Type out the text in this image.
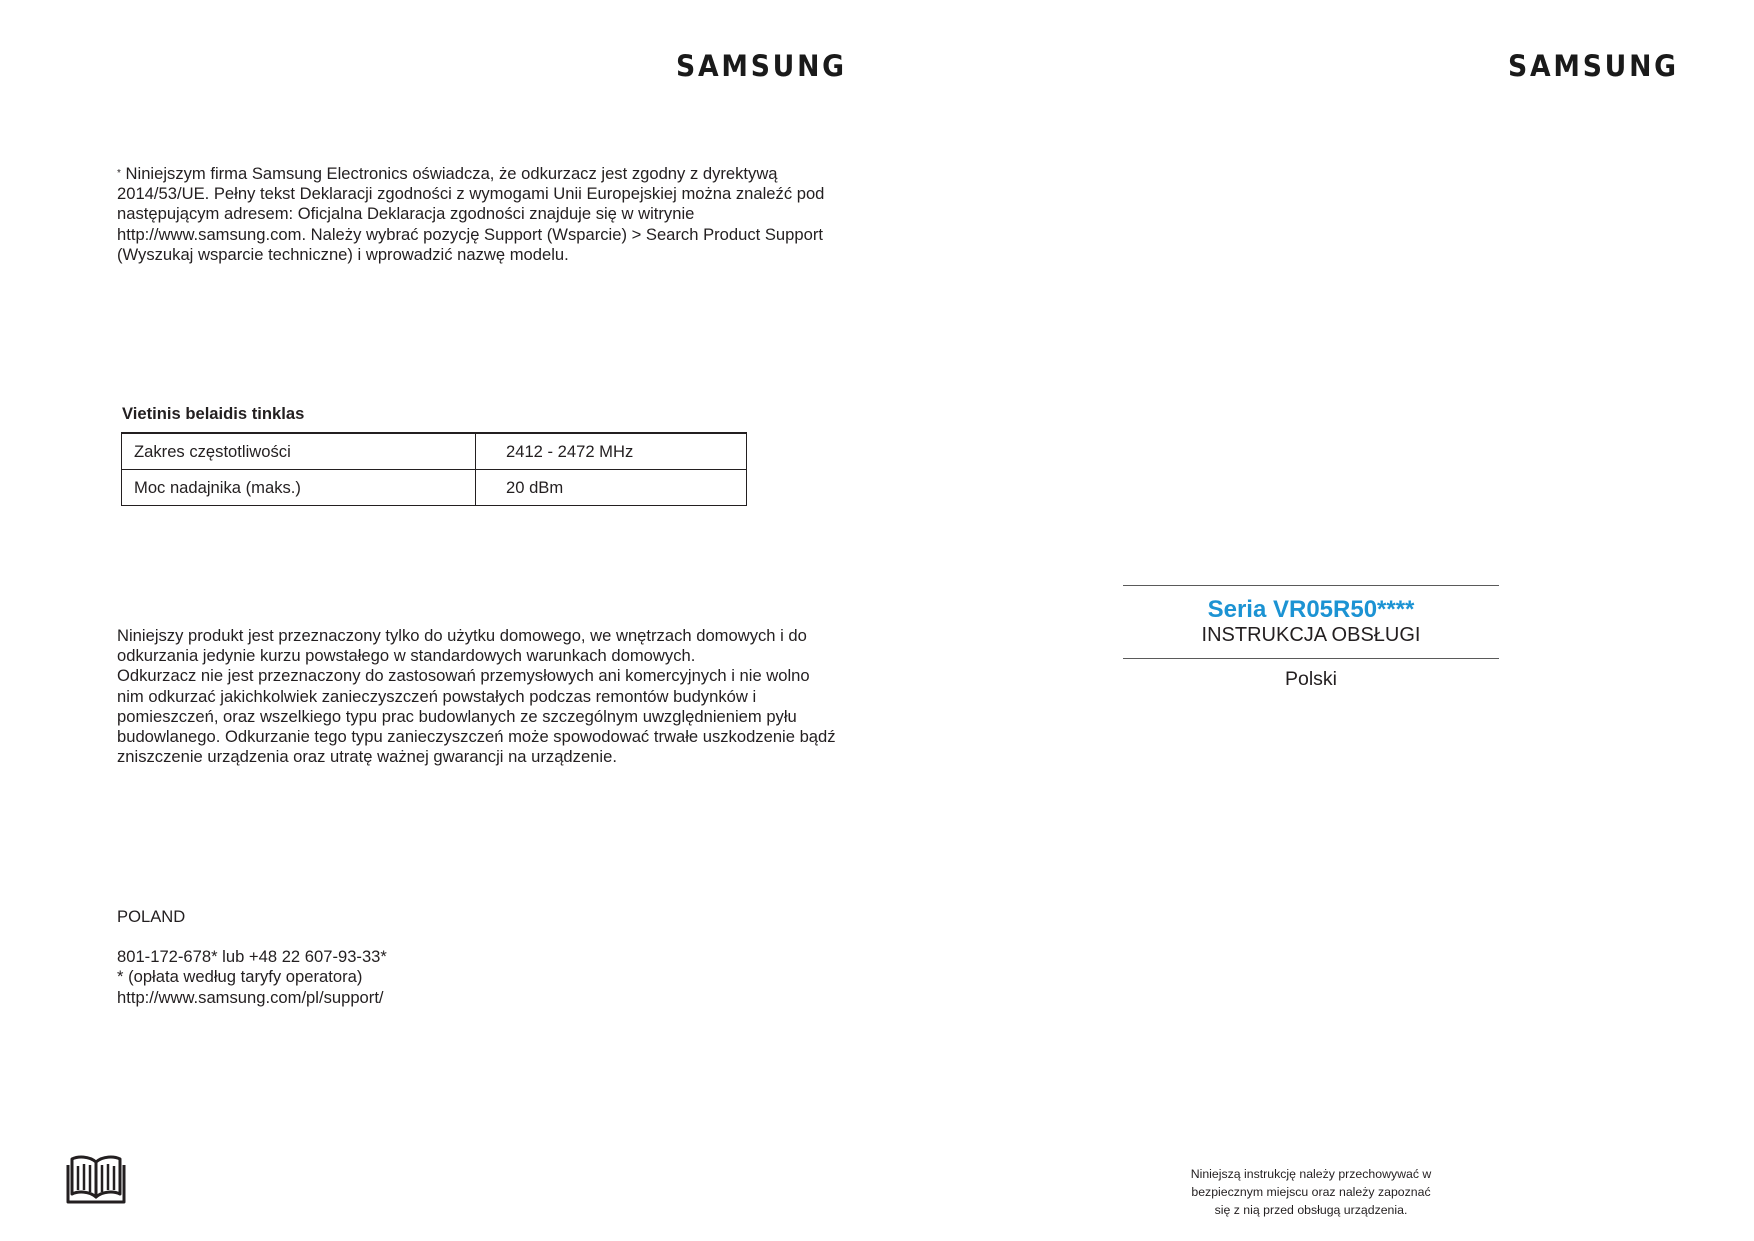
SAMSUNG	SAMSUNG

* Niniejszym firma Samsung Electronics oświadcza, że odkurzacz jest zgodny z dyrektywą 2014/53/UE. Pełny tekst Deklaracji zgodności z wymogami Unii Europejskiej można znaleźć pod następującym adresem: Oficjalna Deklaracja zgodności znajduje się w witrynie http://www.samsung.com. Należy wybrać pozycję Support (Wsparcie) > Search Product Support (Wyszukaj wsparcie techniczne) i wprowadzić nazwę modelu.

Vietinis belaidis tinklas

Zakres częstotliwości	2412 - 2472 MHz
Moc nadajnika (maks.)	20 dBm

Niniejszy produkt jest przeznaczony tylko do użytku domowego, we wnętrzach domowych i do odkurzania jedynie kurzu powstałego w standardowych warunkach domowych.
Odkurzacz nie jest przeznaczony do zastosowań przemysłowych ani komercyjnych i nie wolno nim odkurzać jakichkolwiek zanieczyszczeń powstałych podczas remontów budynków i pomieszczeń, oraz wszelkiego typu prac budowlanych ze szczególnym uwzględnieniem pyłu budowlanego. Odkurzanie tego typu zanieczyszczeń może spowodować trwałe uszkodzenie bądź zniszczenie urządzenia oraz utratę ważnej gwarancji na urządzenie.

POLAND
801-172-678* lub +48 22 607-93-33*
* (opłata według taryfy operatora)
http://www.samsung.com/pl/support/
Seria VR05R50****
INSTRUKCJA OBSŁUGI
Polski
Niniejszą instrukcję należy przechowywać w
bezpiecznym miejscu oraz należy zapoznać
się z nią przed obsługą urządzenia.
